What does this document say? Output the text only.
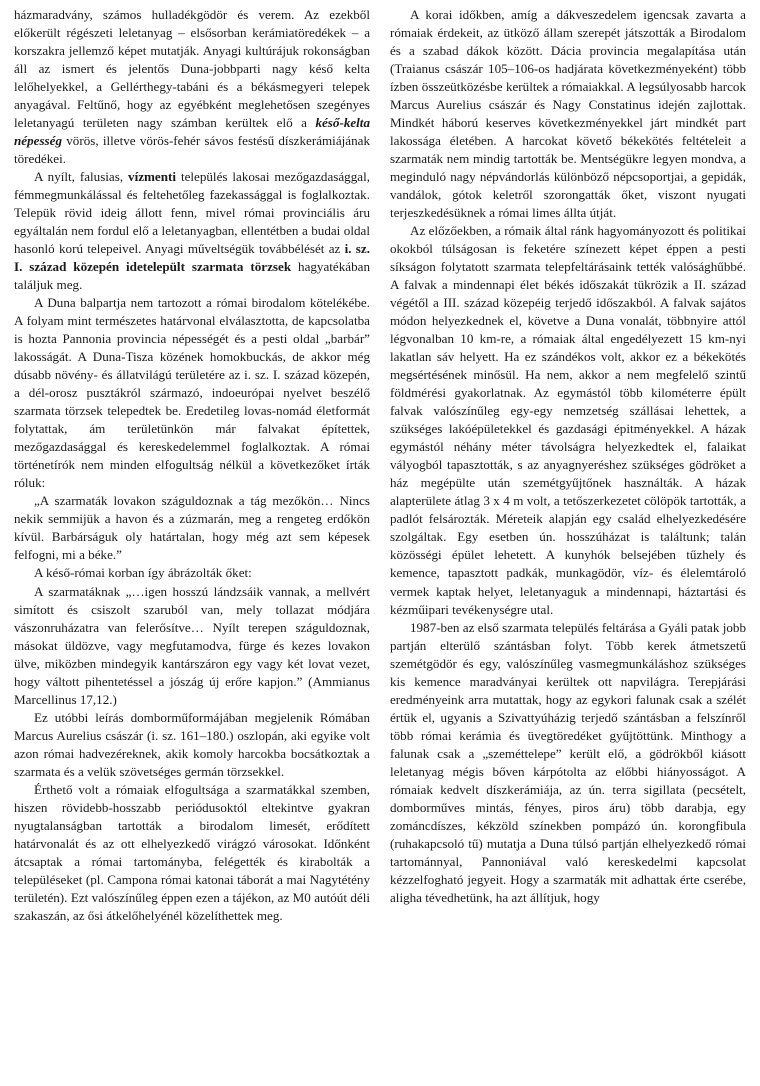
házmaradvány, számos hulladékgödör és verem. Az ezekből előkerült régészeti leletanyag – elsősorban kerámiatöredékek – a korszakra jellemző képet mutatják. Anyagi kultúrájuk rokonságban áll az ismert és jelentős Duna-jobbparti nagy késő kelta lelőhelyekkel, a Gellérthegy-tabáni és a békásmegyeri telepek anyagával. Feltűnő, hogy az egyébként meglehetősen szegényes leletanyagú területen nagy számban kerültek elő a késő-kelta népesség vörös, illetve vörös-fehér sávos festésű díszkerámiájának töredékei.

A nyílt, falusias, vízmenti település lakosai mezőgazdasággal, fémmegmunkálással és feltehetőleg fazekassággal is foglalkoztak. Telepük rövid ideig állott fenn, mivel római provinciális áru egyáltalán nem fordul elő a leletanyagban, ellentétben a budai oldal hasonló korú telepeivel. Anyagi műveltségük továbbélését az i. sz. I. század közepén idetelepült szarmata törzsek hagyatékában találjuk meg.

A Duna balpartja nem tartozott a római birodalom kötelékébe. A folyam mint természetes határvonal elválasztotta, de kapcsolatba is hozta Pannonia provincia népességét és a pesti oldal „barbár” lakosságát. A Duna-Tisza közének homokbuckás, de akkor még dúsabb növény- és állatvilágú területére az i. sz. I. század közepén, a dél-orosz pusztákról származó, indoeurópai nyelvet beszélő szarmata törzsek telepedtek be. Eredetileg lovas-nomád életformát folytattak, ám területünkön már falvakat építettek, mezőgazdasággal és kereskedelemmel foglalkoztak. A római történetírók nem minden elfogultság nélkül a következőket írták róluk:

„A szarmaták lovakon száguldoznak a tág mezőkön… Nincs nekik semmijük a havon és a zúzmarán, meg a rengeteg erdőkön kívül. Barbárságuk oly határtalan, hogy még azt sem képesek felfogni, mi a béke.”

A késő-római korban így ábrázolták őket:

A szarmatáknak „…igen hosszú lándzsáik vannak, a mellvért simított és csiszolt szaruból van, mely tollazat módjára vászonruházatra van felerősítve… Nyílt terepen száguldoznak, másokat üldözve, vagy megfutamodva, fürge és kezes lovakon ülve, miközben mindegyik kantárszáron egy vagy két lovat vezet, hogy váltott pihentetéssel a jószág új erőre kapjon.” (Ammianus Marcellinus 17,12.)

Ez utóbbi leírás domborműformájában megjelenik Rómában Marcus Aurelius császár (i. sz. 161–180.) oszlopán, aki egyike volt azon római hadvezéreknek, akik komoly harcokba bocsátkoztak a szarmata és a velük szövetséges germán törzsekkel.

Érthető volt a rómaiak elfogultsága a szarmatákkal szemben, hiszen rövidebb-hosszabb periódusoktól eltekintve gyakran nyugtalanságban tartották a birodalom limesét, erődített határvonalát és az ott elhelyezkedő virágzó városokat. Időnként átcsaptak a római tartományba, felégették és kirabolták a településeket (pl. Campona római katonai táborát a mai Nagytétény területén). Ezt valószínűleg éppen ezen a tájékon, az M0 autóút déli szakaszán, az ősi átkelőhelyénél közelíthettek meg.

A korai időkben, amíg a dákveszedelem igencsak zavarta a rómaiak érdekeit, az ütköző állam szerepét játszották a Birodalom és a szabad dákok között. Dácia provincia megalapítása után (Traianus császár 105–106-os hadjárata következményeként) több ízben összeütközésbe kerültek a rómaiakkal. A legsúlyosabb harcok Marcus Aurelius császár és Nagy Constatinus idején zajlottak. Mindkét háború keserves következményekkel járt mindkét part lakossága életében. A harcokat követő békekötés feltételeit a szarmaták nem mindig tartották be. Mentségükre legyen mondva, a meginduló nagy népvándorlás különböző népcsoportjai, a gepidák, vandálok, gótok keletről szorongatták őket, viszont nyugati terjeszkedésüknek a római limes állta útját.

Az előzőekben, a rómaik által ránk hagyományozott és politikai okokból túlságosan is feketére színezett képet éppen a pesti síkságon folytatott szarmata telepfeltárásaink tették valósághűbbé. A falvak a mindennapi élet békés időszakát tükrözik a II. század végétől a III. század közepéig terjedő időszakból. A falvak sajátos módon helyezkednek el, követve a Duna vonalát, többnyire attól légvonalban 10 km-re, a rómaiak által engedélyezett 15 km-nyi lakatlan sáv helyett. Ha ez szándékos volt, akkor ez a békekötés megsértésének minősül. Ha nem, akkor a nem megfelelő szintű földmérési gyakorlatnak. Az egymástól több kilométerre épült falvak valószínűleg egy-egy nemzetség szállásai lehettek, a szükséges lakóépületekkel és gazdasági épitményekkel. A házak egymástól néhány méter távolságra helyezkedtek el, falaikat vályogból tapasztották, s az anyagnyeréshez szükséges gödröket a ház megépülte után szemétgyűjtőnek használták. A házak alapterülete átlag 3 x 4 m volt, a tetőszerkezetet cölöpök tartották, a padlót felsározták. Méreteik alapján egy család elhelyezkedésére szolgáltak. Egy esetben ún. hosszúházat is találtunk; talán közösségi épület lehetett. A kunyhók belsejében tűzhely és kemence, tapasztott padkák, munkagödör, víz- és élelemtároló vermek kaptak helyet, leletanyaguk a mindennapi, háztartási és kézműipari tevékenységre utal.

1987-ben az első szarmata település feltárása a Gyáli patak jobb partján elterülő szántásban folyt. Több kerek átmetszetű szemétgödör és egy, valószínűleg vasmegmunkáláshoz szükséges kis kemence maradványai kerültek ott napvilágra. Terepjárási eredményeink arra mutattak, hogy az egykori falunak csak a szélét értük el, ugyanis a Szivattyúházig terjedő szántásban a felszínről több római kerámia és üvegtöredéket gyűjtöttünk. Minthogy a falunak csak a „szeméttelepe” került elő, a gödrökből kiásott leletanyag mégis bőven kárpótolta az előbbi hiányosságot. A rómaiak kedvelt díszkerámiája, az ún. terra sigillata (pecsételt, domborműves mintás, fényes, piros áru) több darabja, egy zománcdíszes, kékzöld színekben pompázó ún. korongfibula (ruhakapcsoló tű) mutatja a Duna túlsó partján elhelyezkedő római tartománnyal, Pannoniával való kereskedelmi kapcsolat kézzelfogható jegyeit. Hogy a szarmaták mit adhattak érte cserébe, aligha tévedhetünk, ha azt állítjuk, hogy
